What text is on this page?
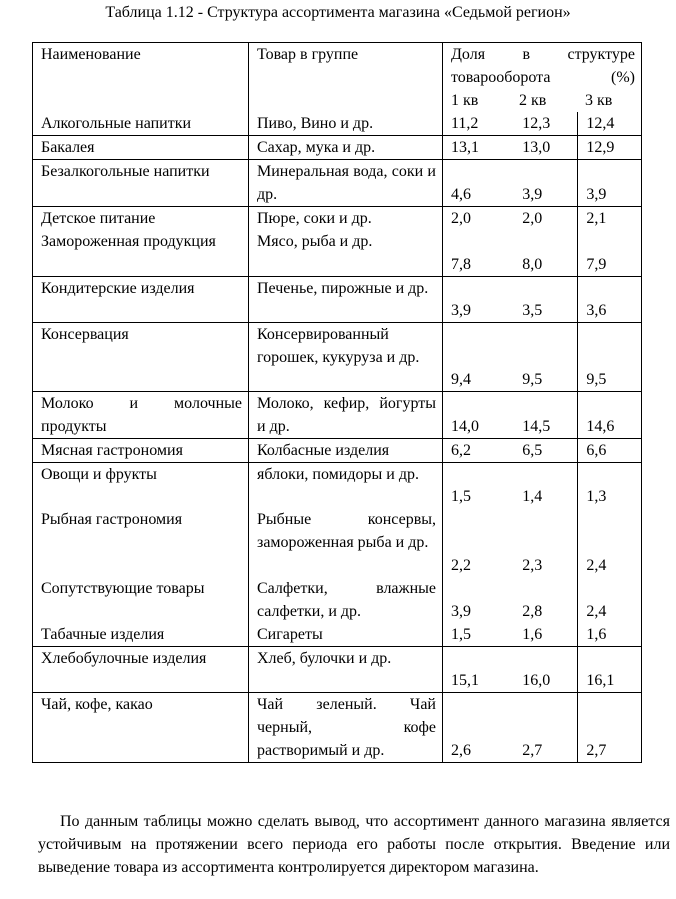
Таблица 1.12 - Структура ассортимента магазина «Седьмой регион»
Наименование	Товар в группе	Доля в структуре товарооборота (%)
1 кв 2 кв 3 кв		

Алкогольные напитки	Пиво, Вино и др.	11,2	12,3	12,4
Бакалея	Сахар, мука и др.	13,1	13,0	12,9
Безалкогольные напитки	Минеральная вода, соки и др.	4,6	3,9	3,9
Детское питание	Пюре, соки и др.	2,0	2,0	2,1
Замороженная продукция	Мясо, рыба и др.	7,8	8,0	7,9
Кондитерские изделия	Печенье, пирожные и др.	3,9	3,5	3,6
Консервация	Консервированный горошек, кукуруза и др.	9,4	9,5	9,5
Молоко и молочные продукты	Молоко, кефир, йогурты и др.	14,0	14,5	14,6
Мясная гастрономия	Колбасные изделия	6,2	6,5	6,6
Овощи и фрукты	яблоки, помидоры и др.	1,5	1,4	1,3
Рыбная гастрономия	Рыбные консервы, замороженная рыба и др.	2,2	2,3	2,4
Сопутствующие товары	Салфетки, влажные салфетки, и др.	3,9	2,8	2,4
Табачные изделия	Сигареты	1,5	1,6	1,6
Хлебобулочные изделия	Хлеб, булочки и др.	15,1	16,0	16,1
Чай, кофе, какао	Чай зеленый. Чай черный, кофе растворимый и др.	2,6	2,7	2,7

По данным таблицы можно сделать вывод, что ассортимент данного магазина является устойчивым на протяжении всего периода его работы после открытия. Введение или выведение товара из ассортимента контролируется директором магазина.
